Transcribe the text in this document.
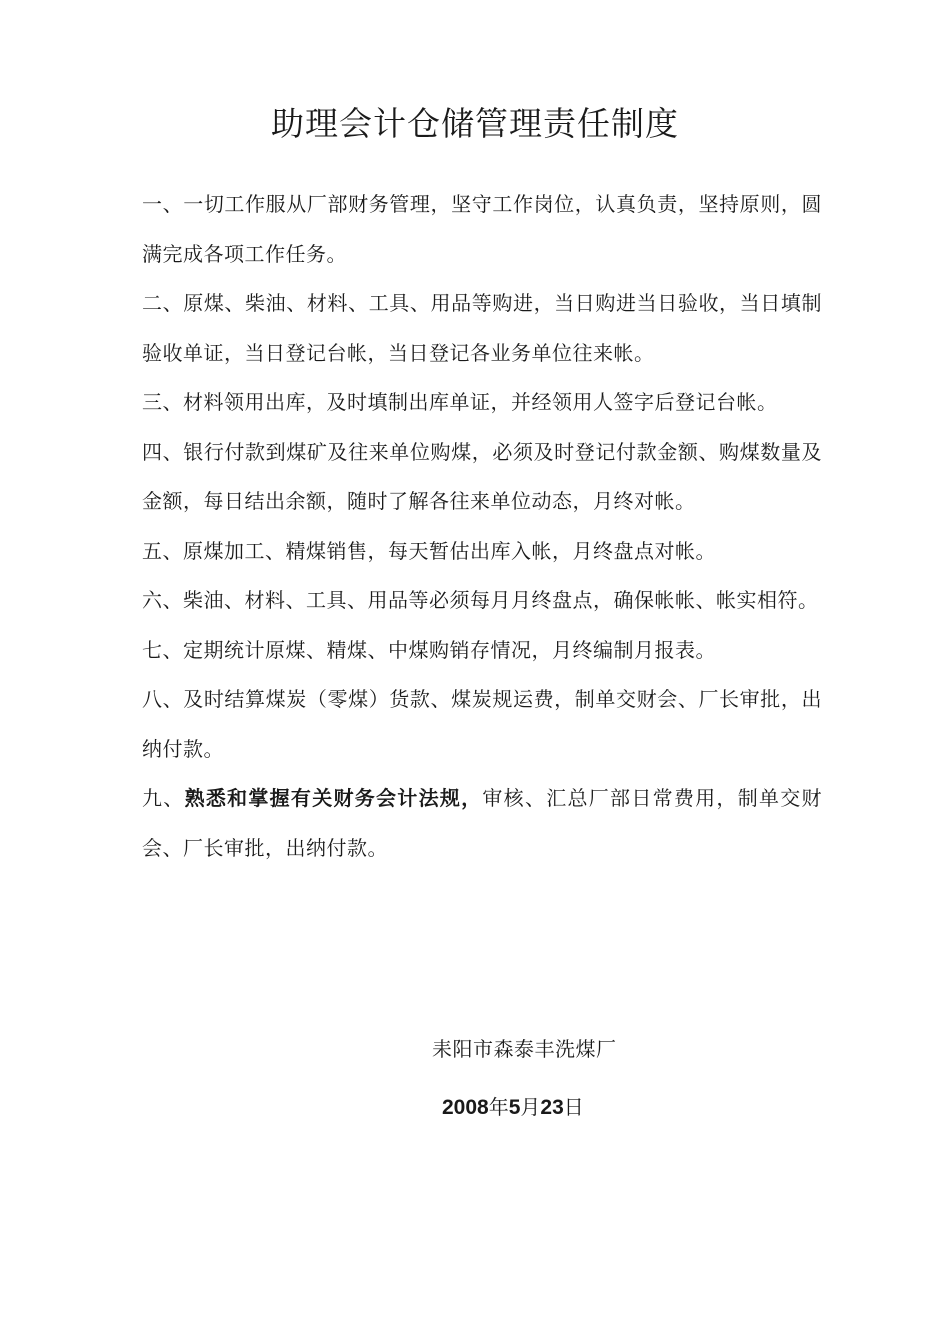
助理会计仓储管理责任制度

一、一切工作服从厂部财务管理，坚守工作岗位，认真负责，坚持原则，圆满完成各项工作任务。

二、原煤、柴油、材料、工具、用品等购进，当日购进当日验收，当日填制验收单证，当日登记台帐，当日登记各业务单位往来帐。

三、材料领用出库，及时填制出库单证，并经领用人签字后登记台帐。

四、银行付款到煤矿及往来单位购煤，必须及时登记付款金额、购煤数量及金额，每日结出余额，随时了解各往来单位动态，月终对帐。

五、原煤加工、精煤销售，每天暂估出库入帐，月终盘点对帐。

六、柴油、材料、工具、用品等必须每月月终盘点，确保帐帐、帐实相符。

七、定期统计原煤、精煤、中煤购销存情况，月终编制月报表。

八、及时结算煤炭（零煤）货款、煤炭规运费，制单交财会、厂长审批，出纳付款。

九、熟悉和掌握有关财务会计法规，审核、汇总厂部日常费用，制单交财会、厂长审批，出纳付款。

耒阳市森泰丰洗煤厂
2008年5月23日
